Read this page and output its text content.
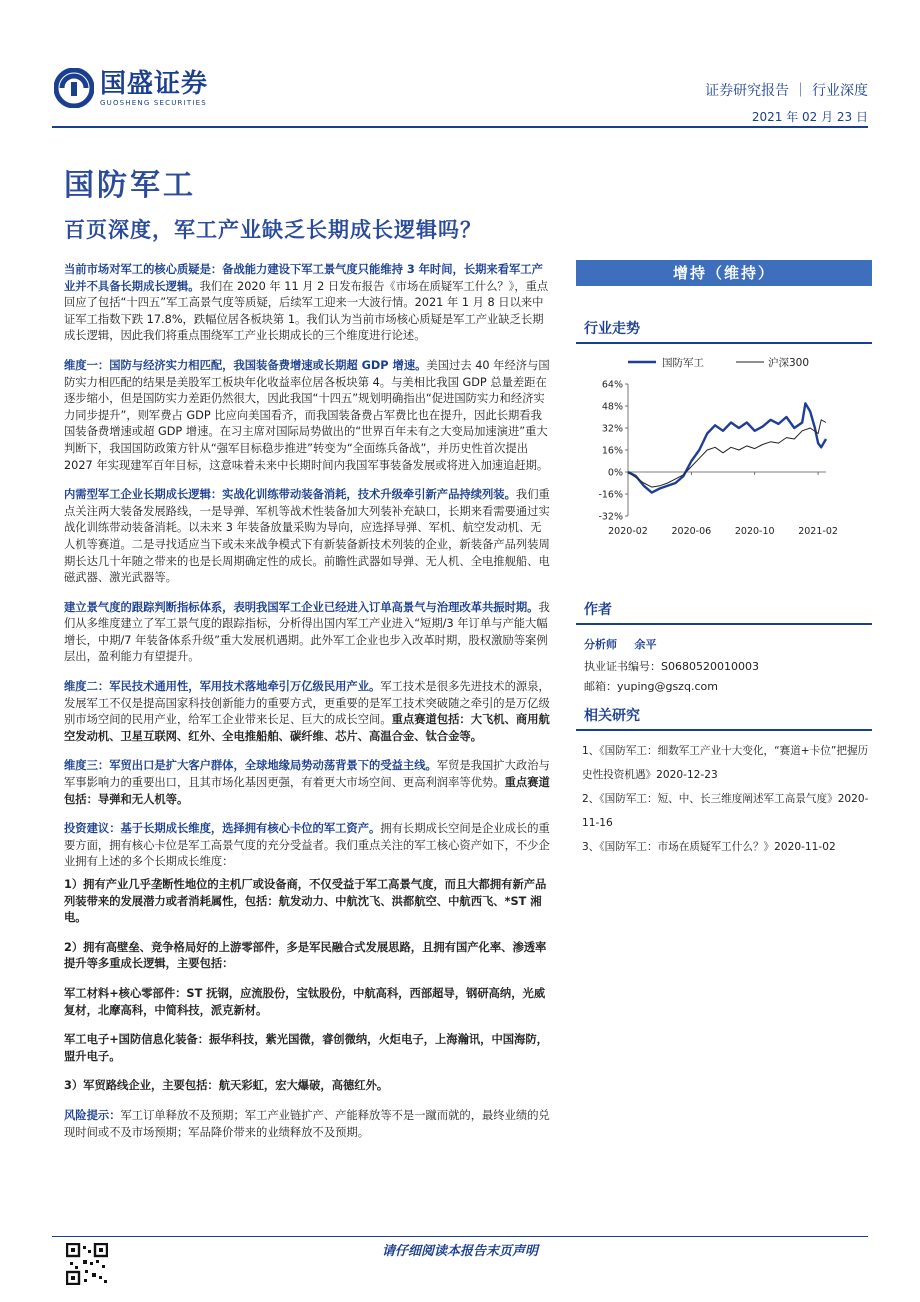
国盛证券
GUOSHENG SECURITIES
证券研究报告 ｜ 行业深度
2021 年 02 月 23 日
国防军工
百页深度，军工产业缺乏长期成长逻辑吗？

当前市场对军工的核心质疑是：备战能力建设下军工景气度只能维持 3 年时间，长期来看军工产业并不具备长期成长逻辑。我们在 2020 年 11 月 2 日发布报告《市场在质疑军工什么？》，重点回应了包括“十四五”军工高景气度等质疑，后续军工迎来一大波行情。2021 年 1 月 8 日以来中证军工指数下跌 17.8%，跌幅位居各板块第 1。我们认为当前市场核心质疑是军工产业缺乏长期成长逻辑，因此我们将重点围绕军工产业长期成长的三个维度进行论述。

维度一：国防与经济实力相匹配，我国装备费增速或长期超 GDP 增速。美国过去 40 年经济与国防实力相匹配的结果是美股军工板块年化收益率位居各板块第 4。与美相比我国 GDP 总量差距在逐步缩小，但是国防实力差距仍然很大，因此我国“十四五”规划明确指出“促进国防实力和经济实力同步提升”，则军费占 GDP 比应向美国看齐，而我国装备费占军费比也在提升，因此长期看我国装备费增速或超 GDP 增速。在习主席对国际局势做出的“世界百年未有之大变局加速演进”重大判断下，我国国防政策方针从“强军目标稳步推进”转变为“全面练兵备战”，并历史性首次提出 2027 年实现建军百年目标，这意味着未来中长期时间内我国军事装备发展或将进入加速追赶期。

内需型军工企业长期成长逻辑：实战化训练带动装备消耗，技术升级牵引新产品持续列装。我们重点关注两大装备发展路线，一是导弹、军机等战术性装备加大列装补充缺口，长期来看需要通过实战化训练带动装备消耗。以未来 3 年装备放量采购为导向，应选择导弹、军机、航空发动机、无人机等赛道。二是寻找适应当下或未来战争模式下有新装备新技术列装的企业，新装备产品列装周期长达几十年随之带来的也是长周期确定性的成长。前瞻性武器如导弹、无人机、全电推舰船、电磁武器、激光武器等。

建立景气度的跟踪判断指标体系，表明我国军工企业已经进入订单高景气与治理改革共振时期。我们从多维度建立了军工景气度的跟踪指标，分析得出国内军工产业进入“短期/3 年订单与产能大幅增长，中期/7 年装备体系升级”重大发展机遇期。此外军工企业也步入改革时期，股权激励等案例层出，盈利能力有望提升。

维度二：军民技术通用性，军用技术落地牵引万亿级民用产业。军工技术是很多先进技术的源泉，发展军工不仅是提高国家科技创新能力的重要方式，更重要的是军工技术突破随之牵引的是万亿级别市场空间的民用产业，给军工企业带来长足、巨大的成长空间。重点赛道包括：大飞机、商用航空发动机、卫星互联网、红外、全电推船舶、碳纤维、芯片、高温合金、钛合金等。

维度三：军贸出口是扩大客户群体，全球地缘局势动荡背景下的受益主线。军贸是我国扩大政治与军事影响力的重要出口，且其市场化基因更强，有着更大市场空间、更高利润率等优势。重点赛道包括：导弹和无人机等。

投资建议：基于长期成长维度，选择拥有核心卡位的军工资产。拥有长期成长空间是企业成长的重要方面，拥有核心卡位是军工高景气度的充分受益者。我们重点关注的军工核心资产如下，不少企业拥有上述的多个长期成长维度：

1）拥有产业几乎垄断性地位的主机厂或设备商，不仅受益于军工高景气度，而且大都拥有新产品列装带来的发展潜力或者消耗属性，包括：航发动力、中航沈飞、洪都航空、中航西飞、*ST 湘电。

2）拥有高壁垒、竞争格局好的上游零部件，多是军民融合式发展思路，且拥有国产化率、渗透率提升等多重成长逻辑，主要包括：

军工材料+核心零部件：ST 抚钢，应流股份，宝钛股份，中航高科，西部超导，钢研高纳，光威复材，北摩高科，中简科技，派克新材。

军工电子+国防信息化装备：振华科技，紫光国微，睿创微纳，火炬电子，上海瀚讯，中国海防，盟升电子。

3）军贸路线企业，主要包括：航天彩虹，宏大爆破，高德红外。

风险提示：军工订单释放不及预期；军工产业链扩产、产能释放等不是一蹴而就的，最终业绩的兑现时间或不及市场预期；军品降价带来的业绩释放不及预期。

增持（维持）
行业走势
64%
48%
32%
16%
0%
-16%
-32%
2020-02 2020-06 2020-10 2021-02
国防军工	沪深300
作者
分析师 余平
执业证书编号：S0680520010003
邮箱：yuping@gszq.com
相关研究
1、《国防军工：细数军工产业十大变化，“赛道+卡位”把握历史性投资机遇》2020-12-23
2、《国防军工：短、中、长三维度阐述军工高景气度》2020-11-16
3、《国防军工：市场在质疑军工什么？》2020-11-02
请仔细阅读本报告末页声明
